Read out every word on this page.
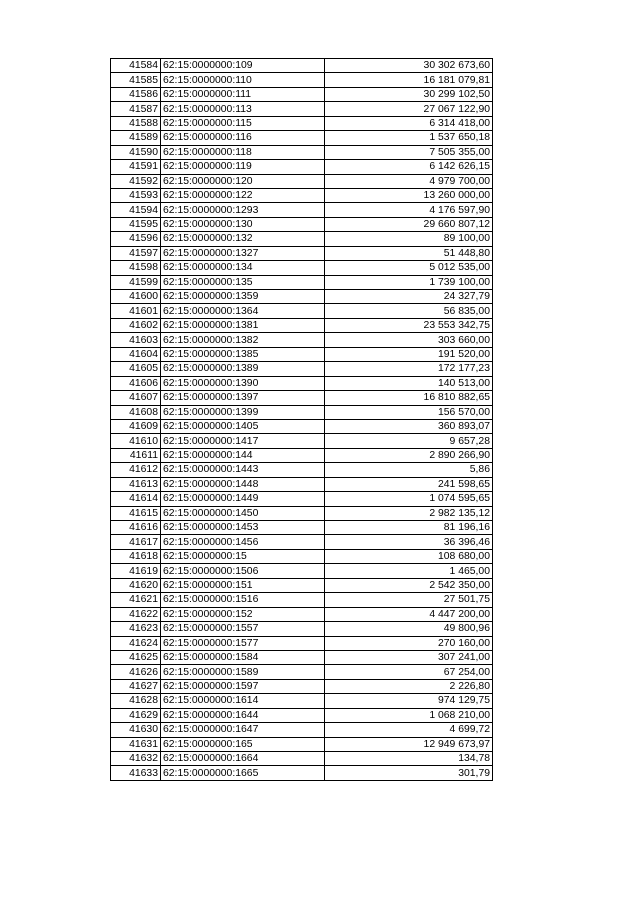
41584	62:15:0000000:109	30 302 673,60
41585	62:15:0000000:110	16 181 079,81
41586	62:15:0000000:111	30 299 102,50
41587	62:15:0000000:113	27 067 122,90
41588	62:15:0000000:115	6 314 418,00
41589	62:15:0000000:116	1 537 650,18
41590	62:15:0000000:118	7 505 355,00
41591	62:15:0000000:119	6 142 626,15
41592	62:15:0000000:120	4 979 700,00
41593	62:15:0000000:122	13 260 000,00
41594	62:15:0000000:1293	4 176 597,90
41595	62:15:0000000:130	29 660 807,12
41596	62:15:0000000:132	89 100,00
41597	62:15:0000000:1327	51 448,80
41598	62:15:0000000:134	5 012 535,00
41599	62:15:0000000:135	1 739 100,00
41600	62:15:0000000:1359	24 327,79
41601	62:15:0000000:1364	56 835,00
41602	62:15:0000000:1381	23 553 342,75
41603	62:15:0000000:1382	303 660,00
41604	62:15:0000000:1385	191 520,00
41605	62:15:0000000:1389	172 177,23
41606	62:15:0000000:1390	140 513,00
41607	62:15:0000000:1397	16 810 882,65
41608	62:15:0000000:1399	156 570,00
41609	62:15:0000000:1405	360 893,07
41610	62:15:0000000:1417	9 657,28
41611	62:15:0000000:144	2 890 266,90
41612	62:15:0000000:1443	5,86
41613	62:15:0000000:1448	241 598,65
41614	62:15:0000000:1449	1 074 595,65
41615	62:15:0000000:1450	2 982 135,12
41616	62:15:0000000:1453	81 196,16
41617	62:15:0000000:1456	36 396,46
41618	62:15:0000000:15	108 680,00
41619	62:15:0000000:1506	1 465,00
41620	62:15:0000000:151	2 542 350,00
41621	62:15:0000000:1516	27 501,75
41622	62:15:0000000:152	4 447 200,00
41623	62:15:0000000:1557	49 800,96
41624	62:15:0000000:1577	270 160,00
41625	62:15:0000000:1584	307 241,00
41626	62:15:0000000:1589	67 254,00
41627	62:15:0000000:1597	2 226,80
41628	62:15:0000000:1614	974 129,75
41629	62:15:0000000:1644	1 068 210,00
41630	62:15:0000000:1647	4 699,72
41631	62:15:0000000:165	12 949 673,97
41632	62:15:0000000:1664	134,78
41633	62:15:0000000:1665	301,79
